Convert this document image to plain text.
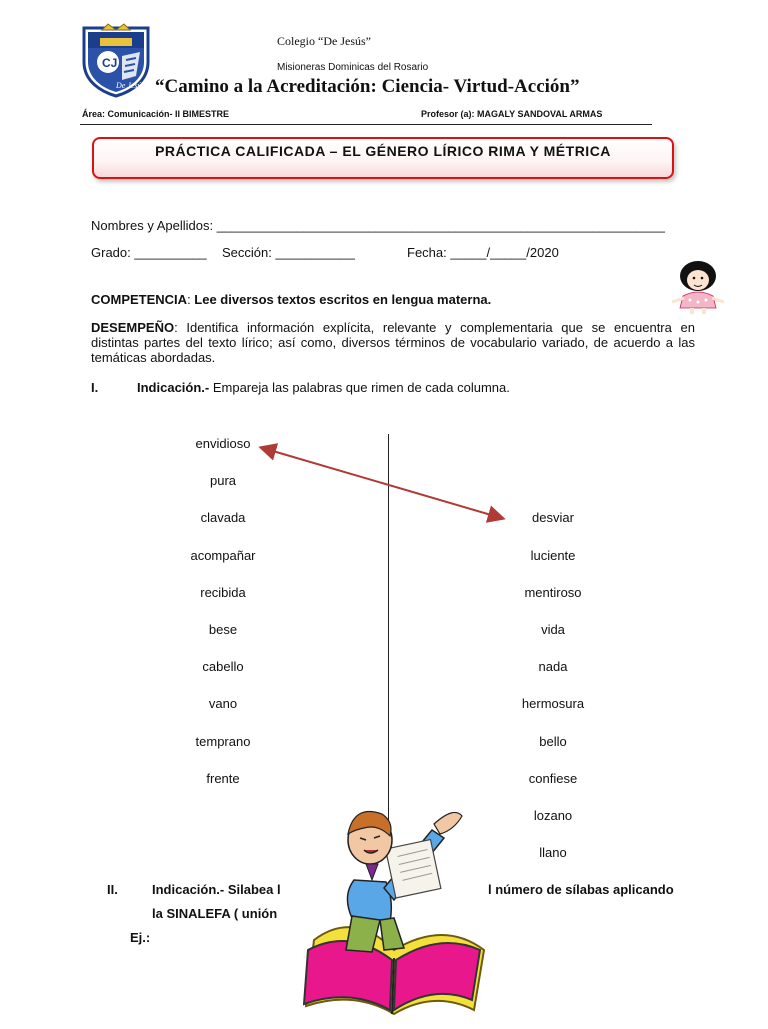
CJ
De Jesús
Colegio “De Jesús”
Misioneras Dominicas del Rosario
“Camino a la Acreditación: Ciencia- Virtud-Acción”
Área: Comunicación- II BIMESTRE	Profesor (a): MAGALY SANDOVAL ARMAS
PRÁCTICA CALIFICADA – EL GÉNERO LÍRICO RIMA Y MÉTRICA
Nombres y Apellidos: ______________________________________________________________
Grado: __________ Sección: ___________	Fecha: _____/_____/2020
COMPETENCIA: Lee diversos textos escritos en lengua materna.
DESEMPEÑO: Identifica información explícita, relevante y complementaria que se encuentra en distintas partes del texto lírico; así como, diversos términos de vocabulario variado, de acuerdo a las temáticas abordadas.
I.	Indicación.- Empareja las palabras que rimen de cada columna.
envidioso
pura
clavada
acompañar
recibida
bese
cabello
vano
temprano
frente
desviar
luciente
mentiroso
vida
nada
hermosura
bello
confiese
lozano
llano
II.	Indicación.- Silabea l	l número de sílabas aplicando
la SINALEFA ( unión
Ej.:
